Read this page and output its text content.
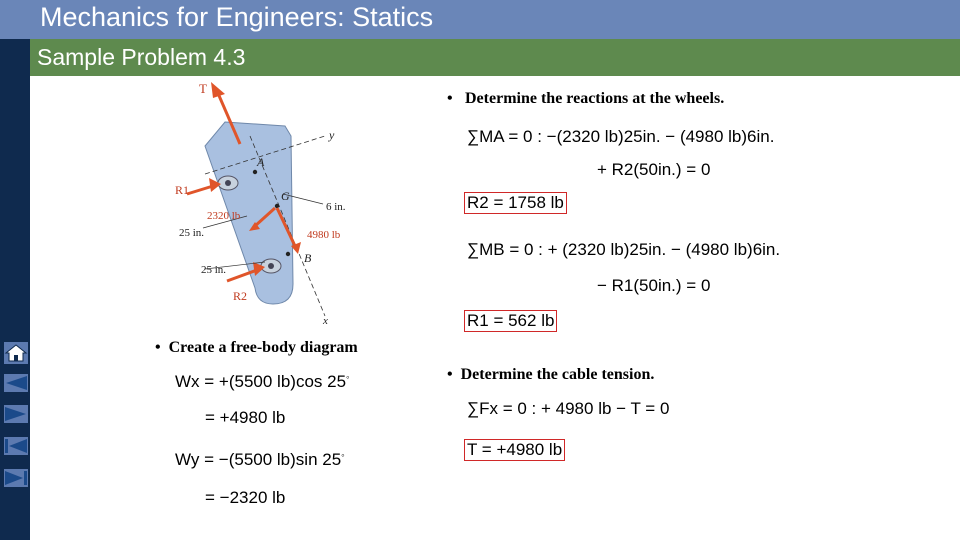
Mechanics for Engineers: Statics
Sample Problem 4.3
T
y
A
G
B
x
R1
R2
2320 lb
4980 lb
6 in.
25 in.
25 in.
•  Create a free-body diagram
Wx = +(5500 lb)cos 25◦
= +4980 lb
Wy = −(5500 lb)sin 25◦
= −2320 lb
• Determine the reactions at the wheels.
∑MA = 0 : −(2320 lb)25in. − (4980 lb)6in.
+ R2(50in.) = 0
R2 = 1758 lb
∑MB = 0 : + (2320 lb)25in. − (4980 lb)6in.
− R1(50in.) = 0
R1 = 562 lb
•  Determine the cable tension.
∑Fx = 0 : + 4980 lb − T = 0
T = +4980 lb
